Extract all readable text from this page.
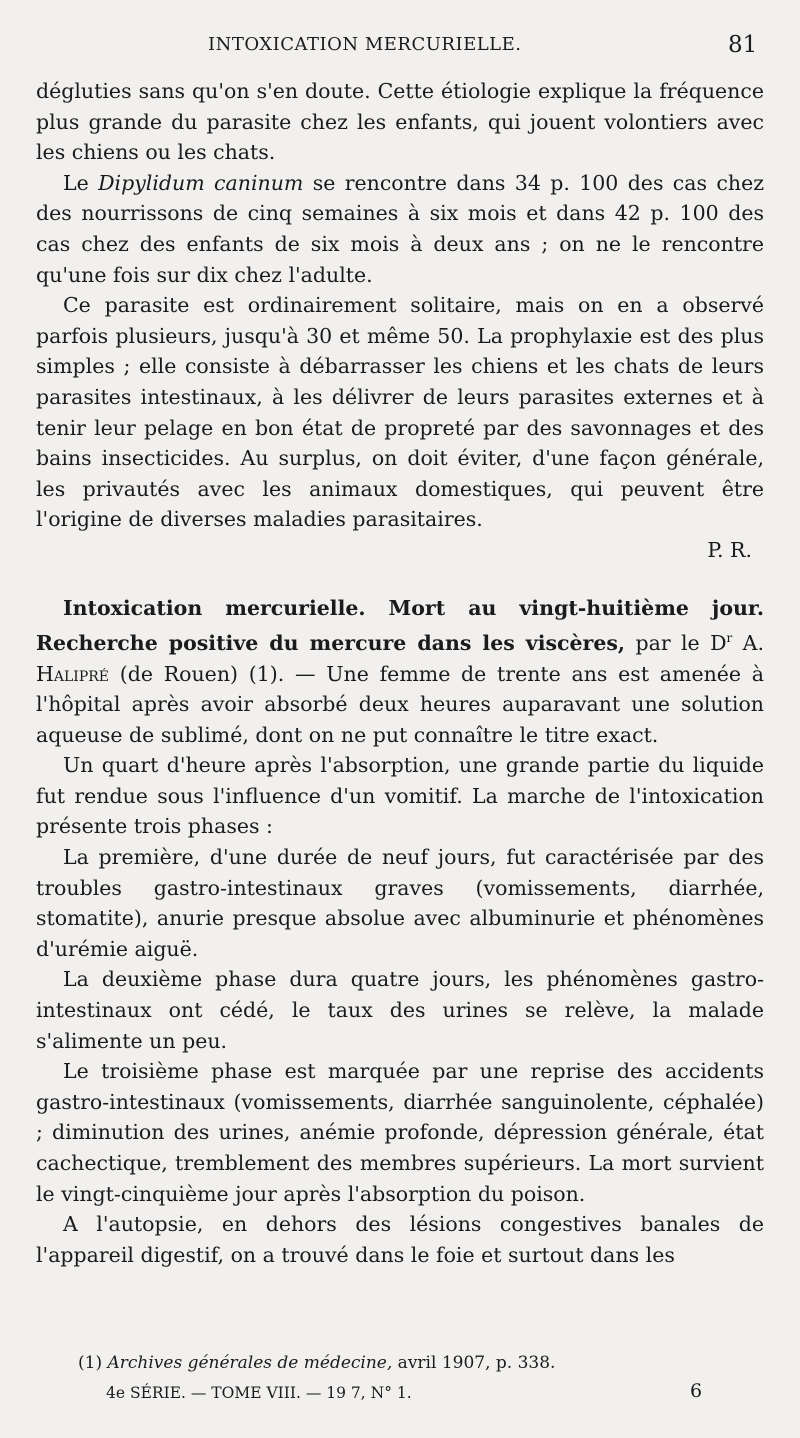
INTOXICATION MERCURIELLE.	81

dégluties sans qu'on s'en doute. Cette étiologie explique la fréquence plus grande du parasite chez les enfants, qui jouent volontiers avec les chiens ou les chats.

Le Dipylidum caninum se rencontre dans 34 p. 100 des cas chez des nourrissons de cinq semaines à six mois et dans 42 p. 100 des cas chez des enfants de six mois à deux ans ; on ne le rencontre qu'une fois sur dix chez l'adulte.

Ce parasite est ordinairement solitaire, mais on en a observé parfois plusieurs, jusqu'à 30 et même 50. La prophylaxie est des plus simples ; elle consiste à débarrasser les chiens et les chats de leurs parasites intestinaux, à les délivrer de leurs parasites externes et à tenir leur pelage en bon état de propreté par des savonnages et des bains insecticides. Au surplus, on doit éviter, d'une façon générale, les privautés avec les animaux domestiques, qui peuvent être l'origine de diverses maladies parasitaires.

P. R.

Intoxication mercurielle. Mort au vingt-huitième jour. Recherche positive du mercure dans les viscères, par le $D^r$ A. Halipré (de Rouen) (1). — Une femme de trente ans est amenée à l'hôpital après avoir absorbé deux heures auparavant une solution aqueuse de sublimé, dont on ne put connaître le titre exact.

Un quart d'heure après l'absorption, une grande partie du liquide fut rendue sous l'influence d'un vomitif. La marche de l'intoxication présente trois phases :

La première, d'une durée de neuf jours, fut caractérisée par des troubles gastro-intestinaux graves (vomissements, diarrhée, stomatite), anurie presque absolue avec albuminurie et phénomènes d'urémie aiguë.

La deuxième phase dura quatre jours, les phénomènes gastro-intestinaux ont cédé, le taux des urines se relève, la malade s'alimente un peu.

Le troisième phase est marquée par une reprise des accidents gastro-intestinaux (vomissements, diarrhée sanguinolente, céphalée) ; diminution des urines, anémie profonde, dépression générale, état cachectique, tremblement des membres supérieurs. La mort survient le vingt-cinquième jour après l'absorption du poison.

A l'autopsie, en dehors des lésions congestives banales de l'appareil digestif, on a trouvé dans le foie et surtout dans les

(1) Archives générales de médecine, avril 1907, p. 338.
4e SÉRIE. — TOME VIII. — 19 7, N° 1.	6
